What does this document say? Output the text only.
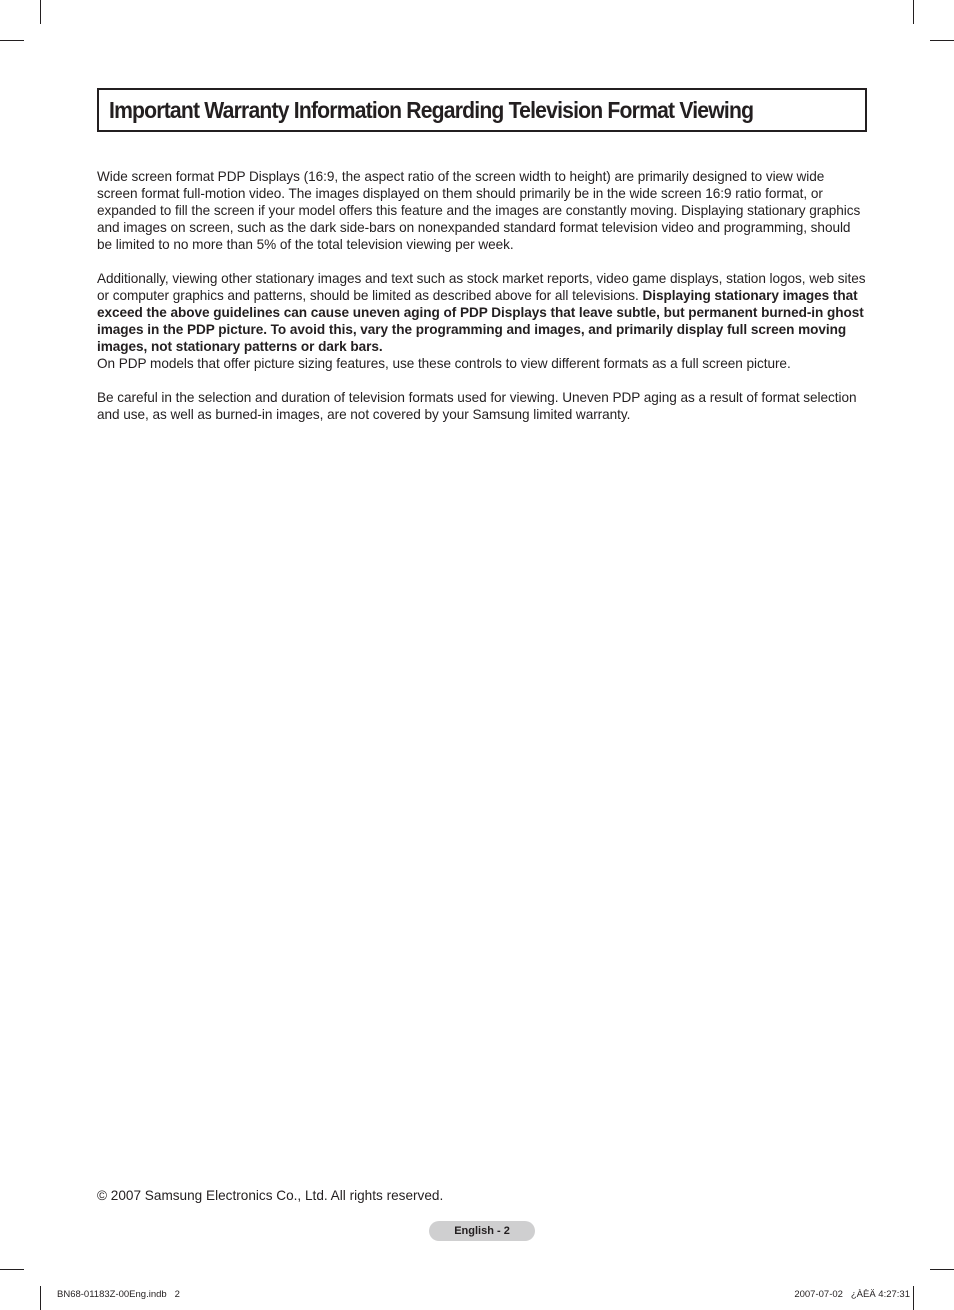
Important Warranty Information Regarding Television Format Viewing

Wide screen format PDP Displays (16:9, the aspect ratio of the screen width to height) are primarily designed to view wide screen format full-motion video. The images displayed on them should primarily be in the wide screen 16:9 ratio format, or expanded to fill the screen if your model offers this feature and the images are constantly moving. Displaying stationary graphics and images on screen, such as the dark side-bars on nonexpanded standard format television video and programming, should be limited to no more than 5% of the total television viewing per week.

Additionally, viewing other stationary images and text such as stock market reports, video game displays, station logos, web sites or computer graphics and patterns, should be limited as described above for all televisions. Displaying stationary images that exceed the above guidelines can cause uneven aging of PDP Displays that leave subtle, but permanent burned-in ghost images in the PDP picture. To avoid this, vary the programming and images, and primarily display full screen moving images, not stationary patterns or dark bars.

On PDP models that offer picture sizing features, use these controls to view different formats as a full screen picture.

Be careful in the selection and duration of television formats used for viewing. Uneven PDP aging as a result of format selection and use, as well as burned-in images, are not covered by your Samsung limited warranty.

© 2007 Samsung Electronics Co., Ltd. All rights reserved.
English - 2
BN68-01183Z-00Eng.indb   2	2007-07-02   ¿ÀÈÄ 4:27:31
